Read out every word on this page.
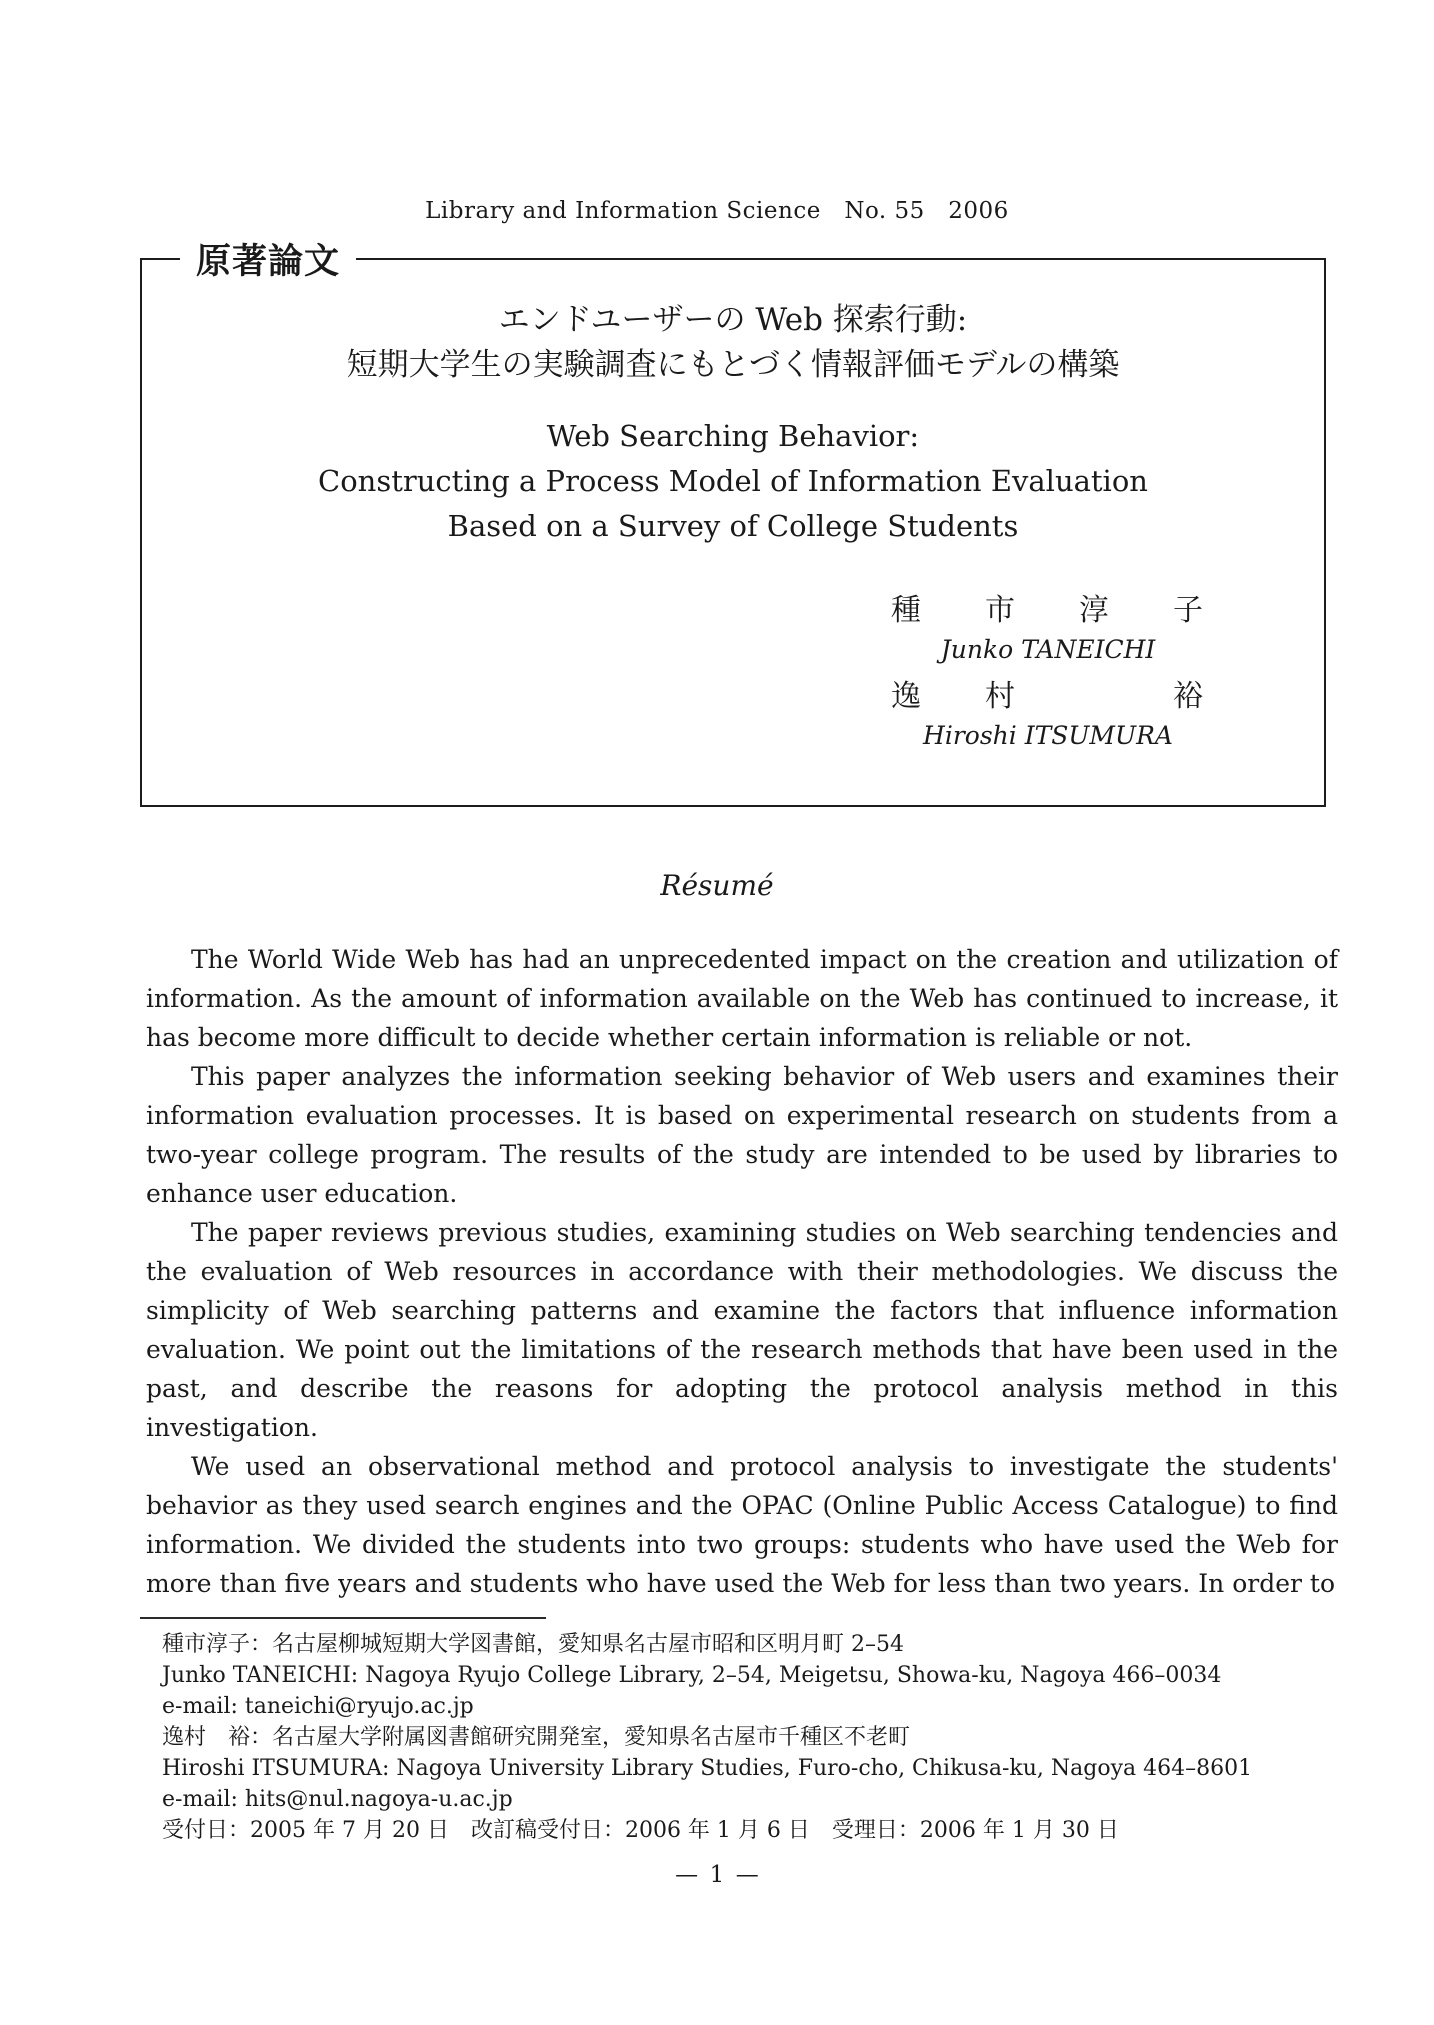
Library and Information Science No. 55 2006
原著論文
エンドユーザーの Web 探索行動:
短期大学生の実験調査にもとづく情報評価モデルの構築
Web Searching Behavior:
Constructing a Process Model of Information Evaluation
Based on a Survey of College Students
種 市 淳 子
Junko TANEICHI
逸 村	裕
Hiroshi ITSUMURA
Résumé

The World Wide Web has had an unprecedented impact on the creation and utilization of information. As the amount of information available on the Web has continued to increase, it has become more difficult to decide whether certain information is reliable or not.

This paper analyzes the information seeking behavior of Web users and examines their information evaluation processes. It is based on experimental research on students from a two-year college program. The results of the study are intended to be used by libraries to enhance user education.

The paper reviews previous studies, examining studies on Web searching tendencies and the evaluation of Web resources in accordance with their methodologies. We discuss the simplicity of Web searching patterns and examine the factors that influence information evaluation. We point out the limitations of the research methods that have been used in the past, and describe the reasons for adopting the protocol analysis method in this investigation.

We used an observational method and protocol analysis to investigate the students' behavior as they used search engines and the OPAC (Online Public Access Catalogue) to find information. We divided the students into two groups: students who have used the Web for more than five years and students who have used the Web for less than two years. In order to

種市淳子：名古屋柳城短期大学図書館，愛知県名古屋市昭和区明月町 2–54
Junko TANEICHI: Nagoya Ryujo College Library, 2–54, Meigetsu, Showa-ku, Nagoya 466–0034
e-mail: taneichi@ryujo.ac.jp
逸村　裕：名古屋大学附属図書館研究開発室，愛知県名古屋市千種区不老町
Hiroshi ITSUMURA: Nagoya University Library Studies, Furo-cho, Chikusa-ku, Nagoya 464–8601
e-mail: hits@nul.nagoya-u.ac.jp
受付日：2005 年 7 月 20 日 改訂稿受付日：2006 年 1 月 6 日 受理日：2006 年 1 月 30 日
— 1 —
